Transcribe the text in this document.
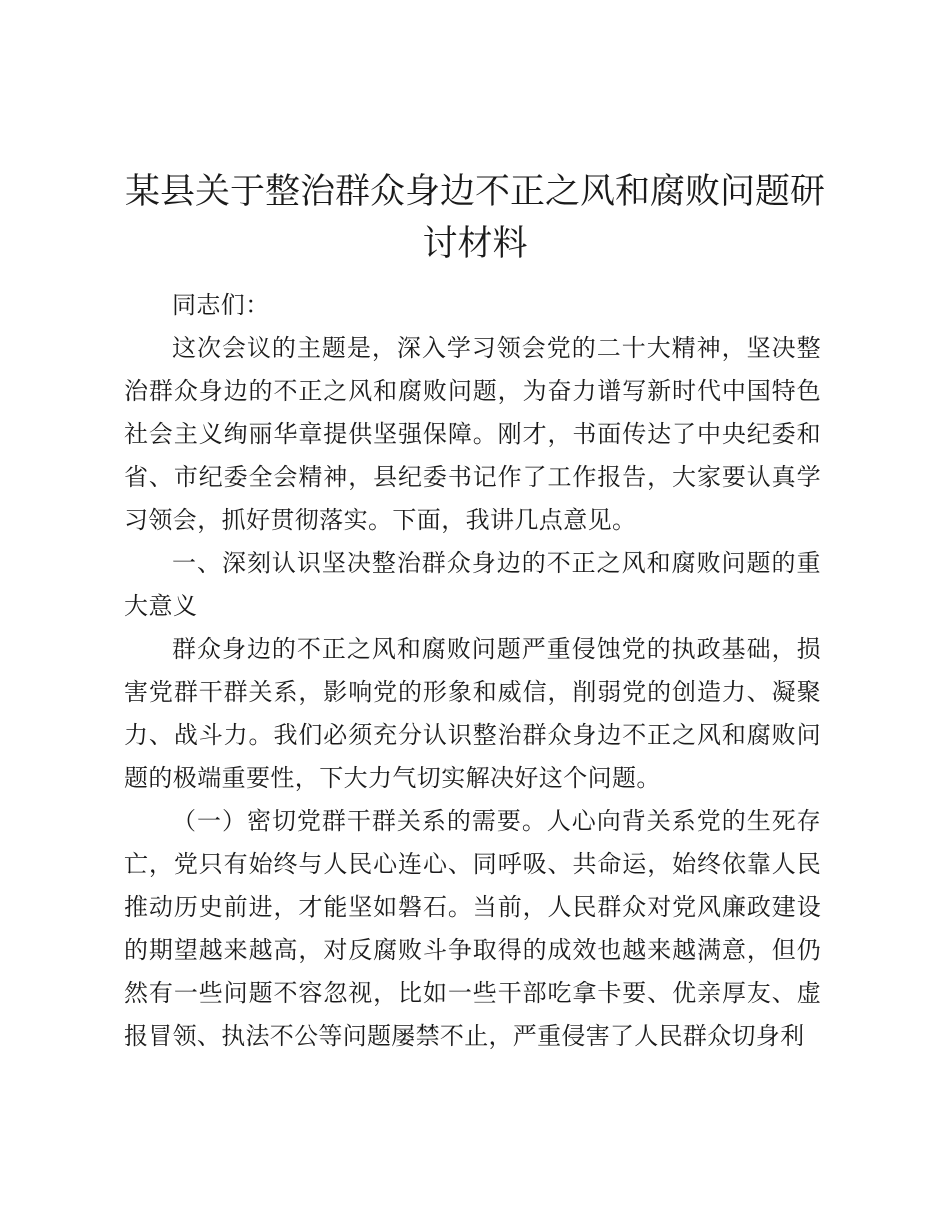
某县关于整治群众身边不正之风和腐败问题研讨材料

同志们：

这次会议的主题是，深入学习领会党的二十大精神，坚决整治群众身边的不正之风和腐败问题，为奋力谱写新时代中国特色社会主义绚丽华章提供坚强保障。刚才，书面传达了中央纪委和省、市纪委全会精神，县纪委书记作了工作报告，大家要认真学习领会，抓好贯彻落实。下面，我讲几点意见。

一、深刻认识坚决整治群众身边的不正之风和腐败问题的重大意义

群众身边的不正之风和腐败问题严重侵蚀党的执政基础，损害党群干群关系，影响党的形象和威信，削弱党的创造力、凝聚力、战斗力。我们必须充分认识整治群众身边不正之风和腐败问题的极端重要性，下大力气切实解决好这个问题。

（一）密切党群干群关系的需要。人心向背关系党的生死存亡，党只有始终与人民心连心、同呼吸、共命运，始终依靠人民推动历史前进，才能坚如磐石。当前，人民群众对党风廉政建设的期望越来越高，对反腐败斗争取得的成效也越来越满意，但仍然有一些问题不容忽视，比如一些干部吃拿卡要、优亲厚友、虚报冒领、执法不公等问题屡禁不止，严重侵害了人民群众切身利
